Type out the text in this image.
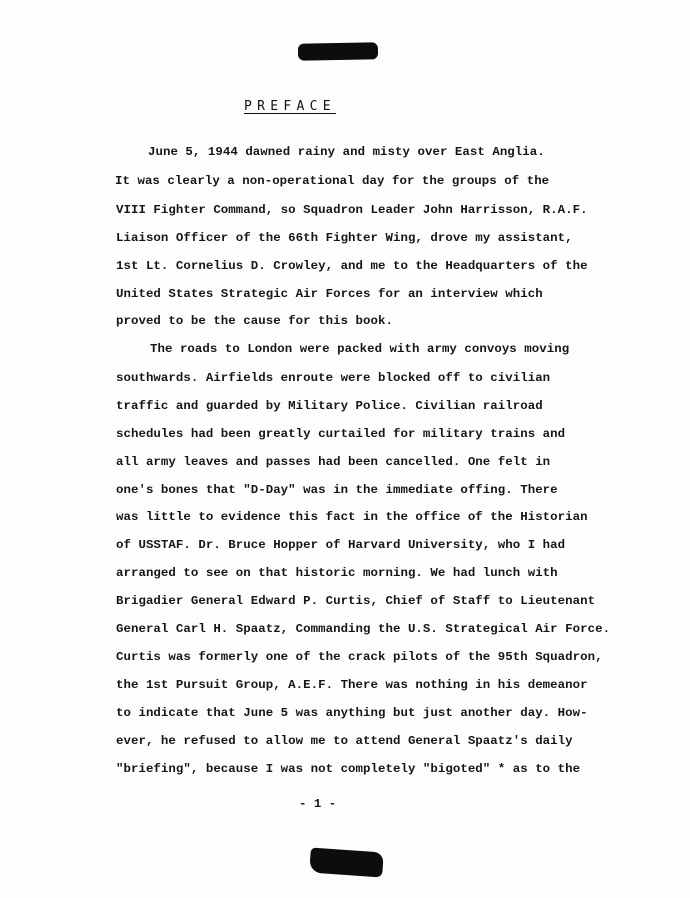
PREFACE
June 5, 1944 dawned rainy and misty over East Anglia.
It was clearly a non-operational day for the groups of the
VIII Fighter Command, so Squadron Leader John Harrisson, R.A.F.
Liaison Officer of the 66th Fighter Wing, drove my assistant,
1st Lt. Cornelius D. Crowley, and me to the Headquarters of the
United States Strategic Air Forces for an interview which
proved to be the cause for this book.
The roads to London were packed with army convoys moving
southwards. Airfields enroute were blocked off to civilian
traffic and guarded by Military Police. Civilian railroad
schedules had been greatly curtailed for military trains and
all army leaves and passes had been cancelled. One felt in
one's bones that "D-Day" was in the immediate offing. There
was little to evidence this fact in the office of the Historian
of USSTAF. Dr. Bruce Hopper of Harvard University, who I had
arranged to see on that historic morning. We had lunch with
Brigadier General Edward P. Curtis, Chief of Staff to Lieutenant
General Carl H. Spaatz, Commanding the U.S. Strategical Air Force.
Curtis was formerly one of the crack pilots of the 95th Squadron,
the 1st Pursuit Group, A.E.F. There was nothing in his demeanor
to indicate that June 5 was anything but just another day. How-
ever, he refused to allow me to attend General Spaatz's daily
"briefing", because I was not completely "bigoted" * as to the
- 1 -
